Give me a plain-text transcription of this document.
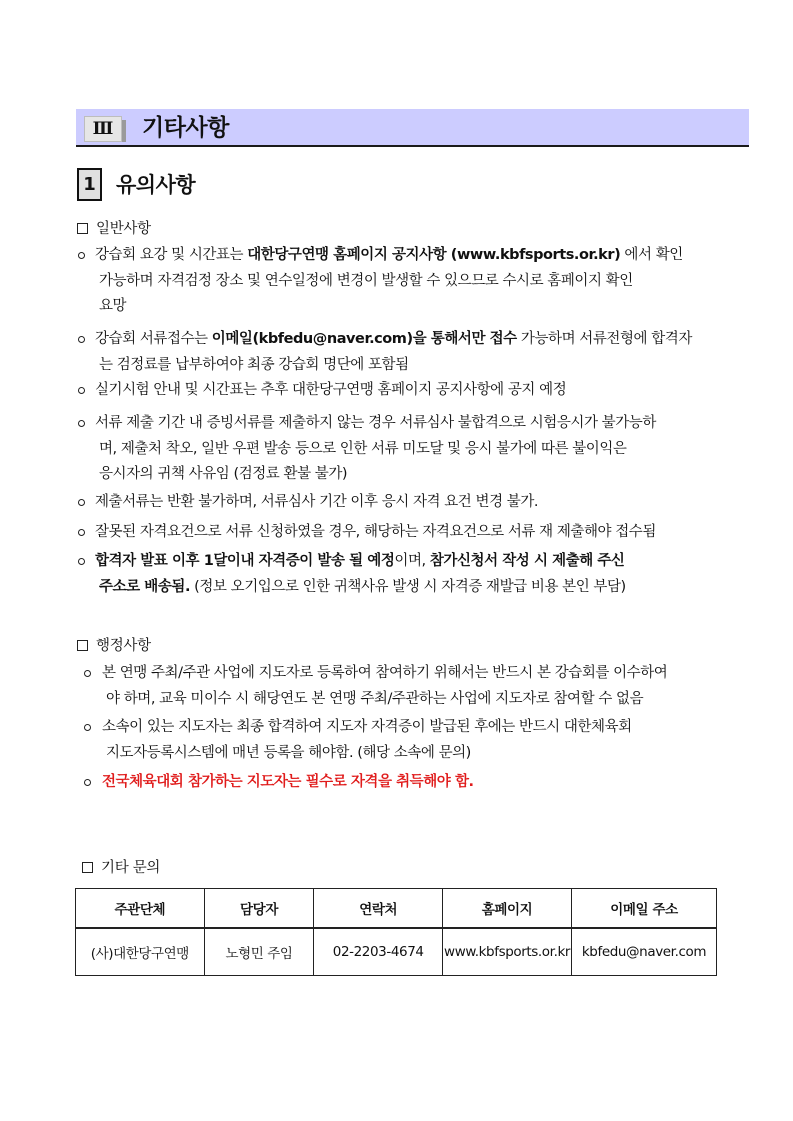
Ⅲ	기타사항
1 유의사항
일반사항
강습회 요강 및 시간표는 대한당구연맹 홈페이지 공지사항 (www.kbfsports.or.kr) 에서 확인
가능하며 자격검정 장소 및 연수일정에 변경이 발생할 수 있으므로 수시로 홈페이지 확인
요망
강습회 서류접수는 이메일(kbfedu@naver.com)을 통해서만 접수 가능하며 서류전형에 합격자
는 검정료를 납부하여야 최종 강습회 명단에 포함됨
실기시험 안내 및 시간표는 추후 대한당구연맹 홈페이지 공지사항에 공지 예정
서류 제출 기간 내 증빙서류를 제출하지 않는 경우 서류심사 불합격으로 시험응시가 불가능하
며, 제출처 착오, 일반 우편 발송 등으로 인한 서류 미도달 및 응시 불가에 따른 불이익은
응시자의 귀책 사유임 (검정료 환불 불가)
제출서류는 반환 불가하며, 서류심사 기간 이후 응시 자격 요건 변경 불가.
잘못된 자격요건으로 서류 신청하였을 경우, 해당하는 자격요건으로 서류 재 제출해야 접수됨
합격자 발표 이후 1달이내 자격증이 발송 될 예정이며, 참가신청서 작성 시 제출해 주신
주소로 배송됨. (정보 오기입으로 인한 귀책사유 발생 시 자격증 재발급 비용 본인 부담)
행정사항
본 연맹 주최/주관 사업에 지도자로 등록하여 참여하기 위해서는 반드시 본 강습회를 이수하여
야 하며, 교육 미이수 시 해당연도 본 연맹 주최/주관하는 사업에 지도자로 참여할 수 없음
소속이 있는 지도자는 최종 합격하여 지도자 자격증이 발급된 후에는 반드시 대한체육회
지도자등록시스템에 매년 등록을 해야함. (해당 소속에 문의)
전국체육대회 참가하는 지도자는 필수로 자격을 취득해야 함.
기타 문의
주관단체	담당자	연락처	홈페이지	이메일 주소
(사)대한당구연맹	노형민 주임	02-2203-4674	www.kbfsports.or.kr	kbfedu@naver.com
